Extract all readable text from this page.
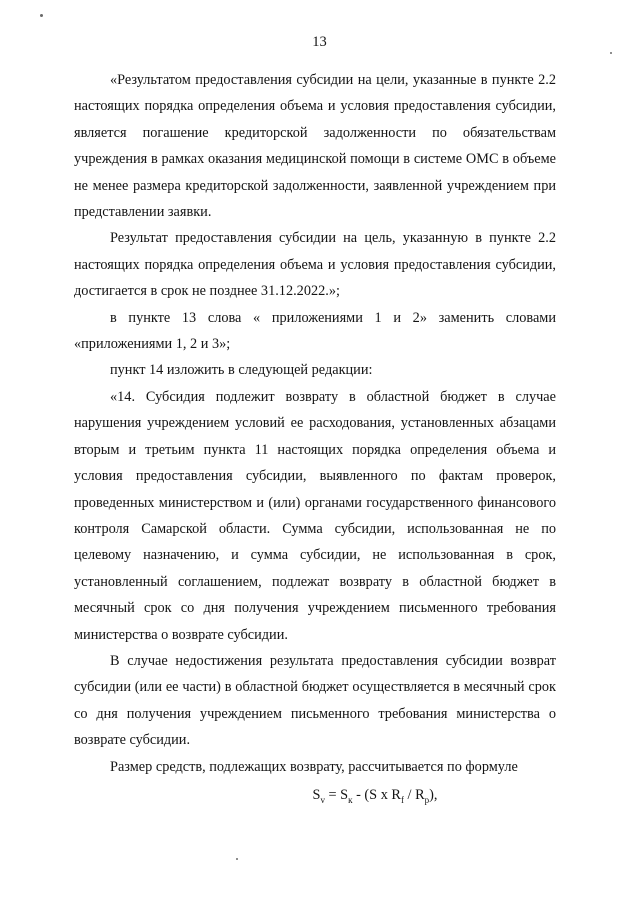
13

«Результатом предоставления субсидии на цели, указанные в пункте 2.2 настоящих порядка определения объема и условия предоставления субсидии, является погашение кредиторской задолженности по обязательствам учреждения в рамках оказания медицинской помощи в системе ОМС в объеме не менее размера кредиторской задолженности, заявленной учреждением при представлении заявки.

Результат предоставления субсидии на цель, указанную в пункте 2.2 настоящих порядка определения объема и условия предоставления субсидии, достигается в срок не позднее 31.12.2022.»;

в пункте 13 слова « приложениями 1 и 2» заменить словами «приложениями 1, 2 и 3»;

пункт 14 изложить в следующей редакции:

«14. Субсидия подлежит возврату в областной бюджет в случае нарушения учреждением условий ее расходования, установленных абзацами вторым и третьим пункта 11 настоящих порядка определения объема и условия предоставления субсидии, выявленного по фактам проверок, проведенных министерством и (или) органами государственного финансового контроля Самарской области. Сумма субсидии, использованная не по целевому назначению, и сумма субсидии, не использованная в срок, установленный соглашением, подлежат возврату в областной бюджет в месячный срок со дня получения учреждением письменного требования министерства о возврате субсидии.

В случае недостижения результата предоставления субсидии возврат субсидии (или ее части) в областной бюджет осуществляется в месячный срок со дня получения учреждением письменного требования министерства о возврате субсидии.

Размер средств, подлежащих возврату, рассчитывается по формуле

$S_v = S_к - (S$ x $R_f / R_p$),
